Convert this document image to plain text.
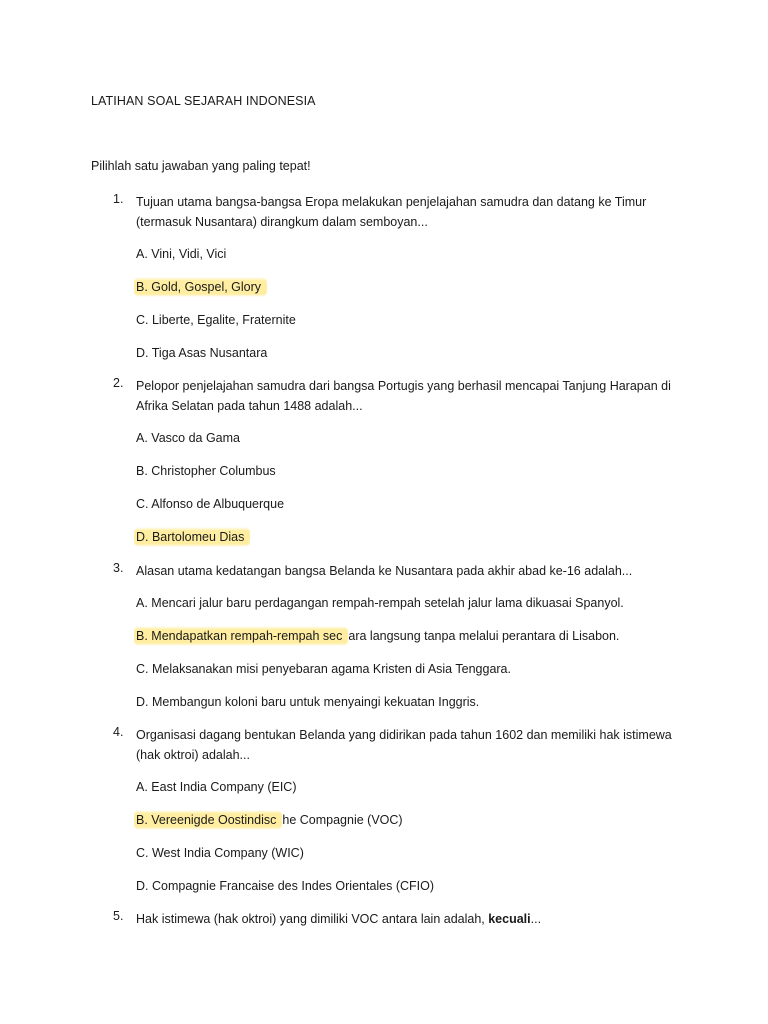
LATIHAN SOAL SEJARAH INDONESIA
Pilihlah satu jawaban yang paling tepat!
1.	Tujuan utama bangsa-bangsa Eropa melakukan penjelajahan samudra dan datang ke Timur (termasuk Nusantara) dirangkum dalam semboyan...
A. Vini, Vidi, Vici
B. Gold, Gospel, Glory
C. Liberte, Egalite, Fraternite
D. Tiga Asas Nusantara
2.	Pelopor penjelajahan samudra dari bangsa Portugis yang berhasil mencapai Tanjung Harapan di Afrika Selatan pada tahun 1488 adalah...
A. Vasco da Gama
B. Christopher Columbus
C. Alfonso de Albuquerque
D. Bartolomeu Dias
3.	Alasan utama kedatangan bangsa Belanda ke Nusantara pada akhir abad ke-16 adalah...
A. Mencari jalur baru perdagangan rempah-rempah setelah jalur lama dikuasai Spanyol.
B. Mendapatkan rempah-rempah sec ara langsung tanpa melalui perantara di Lisabon.
C. Melaksanakan misi penyebaran agama Kristen di Asia Tenggara.
D. Membangun koloni baru untuk menyaingi kekuatan Inggris.
4.	Organisasi dagang bentukan Belanda yang didirikan pada tahun 1602 dan memiliki hak istimewa (hak oktroi) adalah...
A. East India Company (EIC)
B. Vereenigde Oostindisc he Compagnie (VOC)
C. West India Company (WIC)
D. Compagnie Francaise des Indes Orientales (CFIO)
5.	Hak istimewa (hak oktroi) yang dimiliki VOC antara lain adalah, kecuali...
